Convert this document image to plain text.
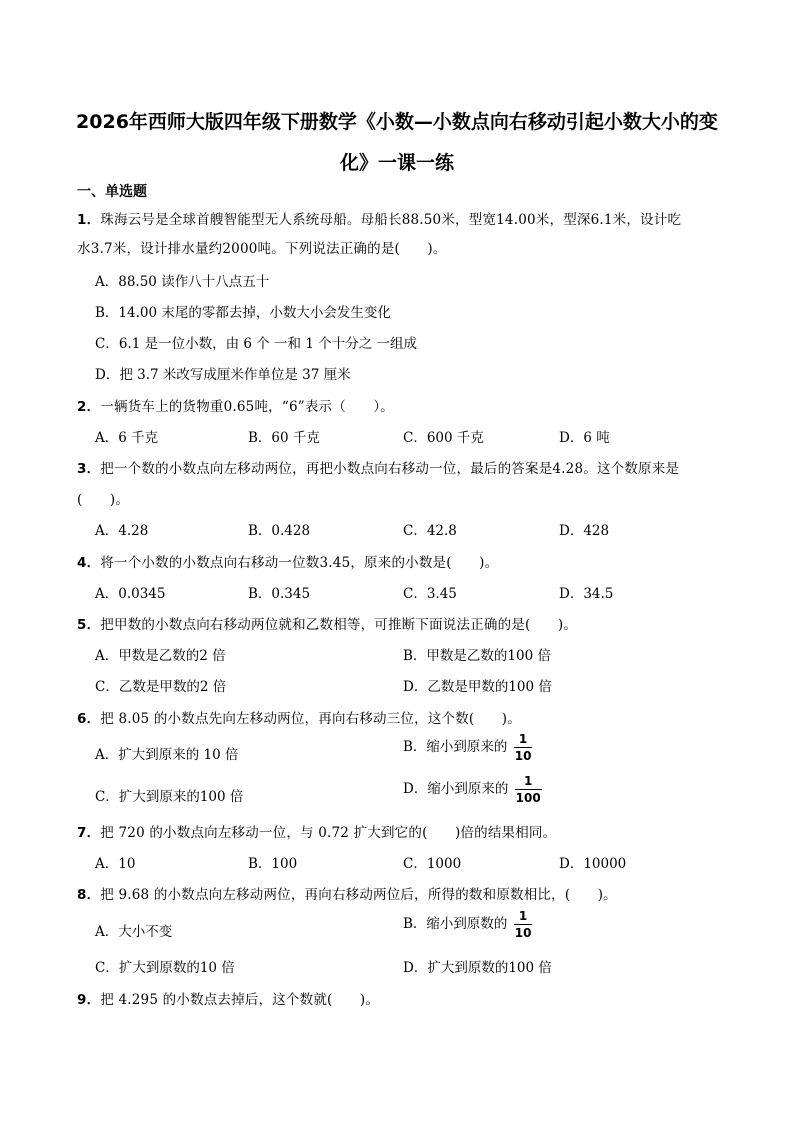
2026年西师大版四年级下册数学《小数—小数点向右移动引起小数大小的变
化》一课一练
一、单选题
1．珠海云号是全球首艘智能型无人系统母船。母船长88.50米，型宽14.00米，型深6.1米，设计吃
水3.7米，设计排水量约2000吨。下列说法正确的是(　　)。
A．88.50 读作八十八点五十
B．14.00 末尾的零都去掉，小数大小会发生变化
C．6.1 是一位小数，由 6 个 一和 1 个十分之 一组成
D．把 3.7 米改写成厘米作单位是 37 厘米
2．一辆货车上的货物重0.65吨，“6”表示（　　）。
A．6 千克	B．60 千克	C．600 千克	D．6 吨
3．把一个数的小数点向左移动两位，再把小数点向右移动一位，最后的答案是4.28。这个数原来是
(　　)。
A．4.28	B．0.428	C．42.8	D．428
4．将一个小数的小数点向右移动一位数3.45，原来的小数是(　　)。
A．0.0345	B．0.345	C．3.45	D．34.5
5．把甲数的小数点向右移动两位就和乙数相等，可推断下面说法正确的是(　　)。
A．甲数是乙数的2 倍	B．甲数是乙数的100 倍
C．乙数是甲数的2 倍	D．乙数是甲数的100 倍
6．把 8.05 的小数点先向左移动两位，再向右移动三位，这个数(　　)。
A．扩大到原来的 10 倍	B．缩小到原来的 $\frac{1}{10}$
C．扩大到原来的100 倍	D．缩小到原来的 $\frac{1}{100}$
7．把 720 的小数点向左移动一位，与 0.72 扩大到它的(　　)倍的结果相同。
A．10	B．100	C．1000	D．10000
8．把 9.68 的小数点向左移动两位，再向右移动两位后，所得的数和原数相比，(　　)。
A．大小不变	B．缩小到原数的 $\frac{1}{10}$
C．扩大到原数的10 倍	D．扩大到原数的100 倍
9．把 4.295 的小数点去掉后，这个数就(　　)。
